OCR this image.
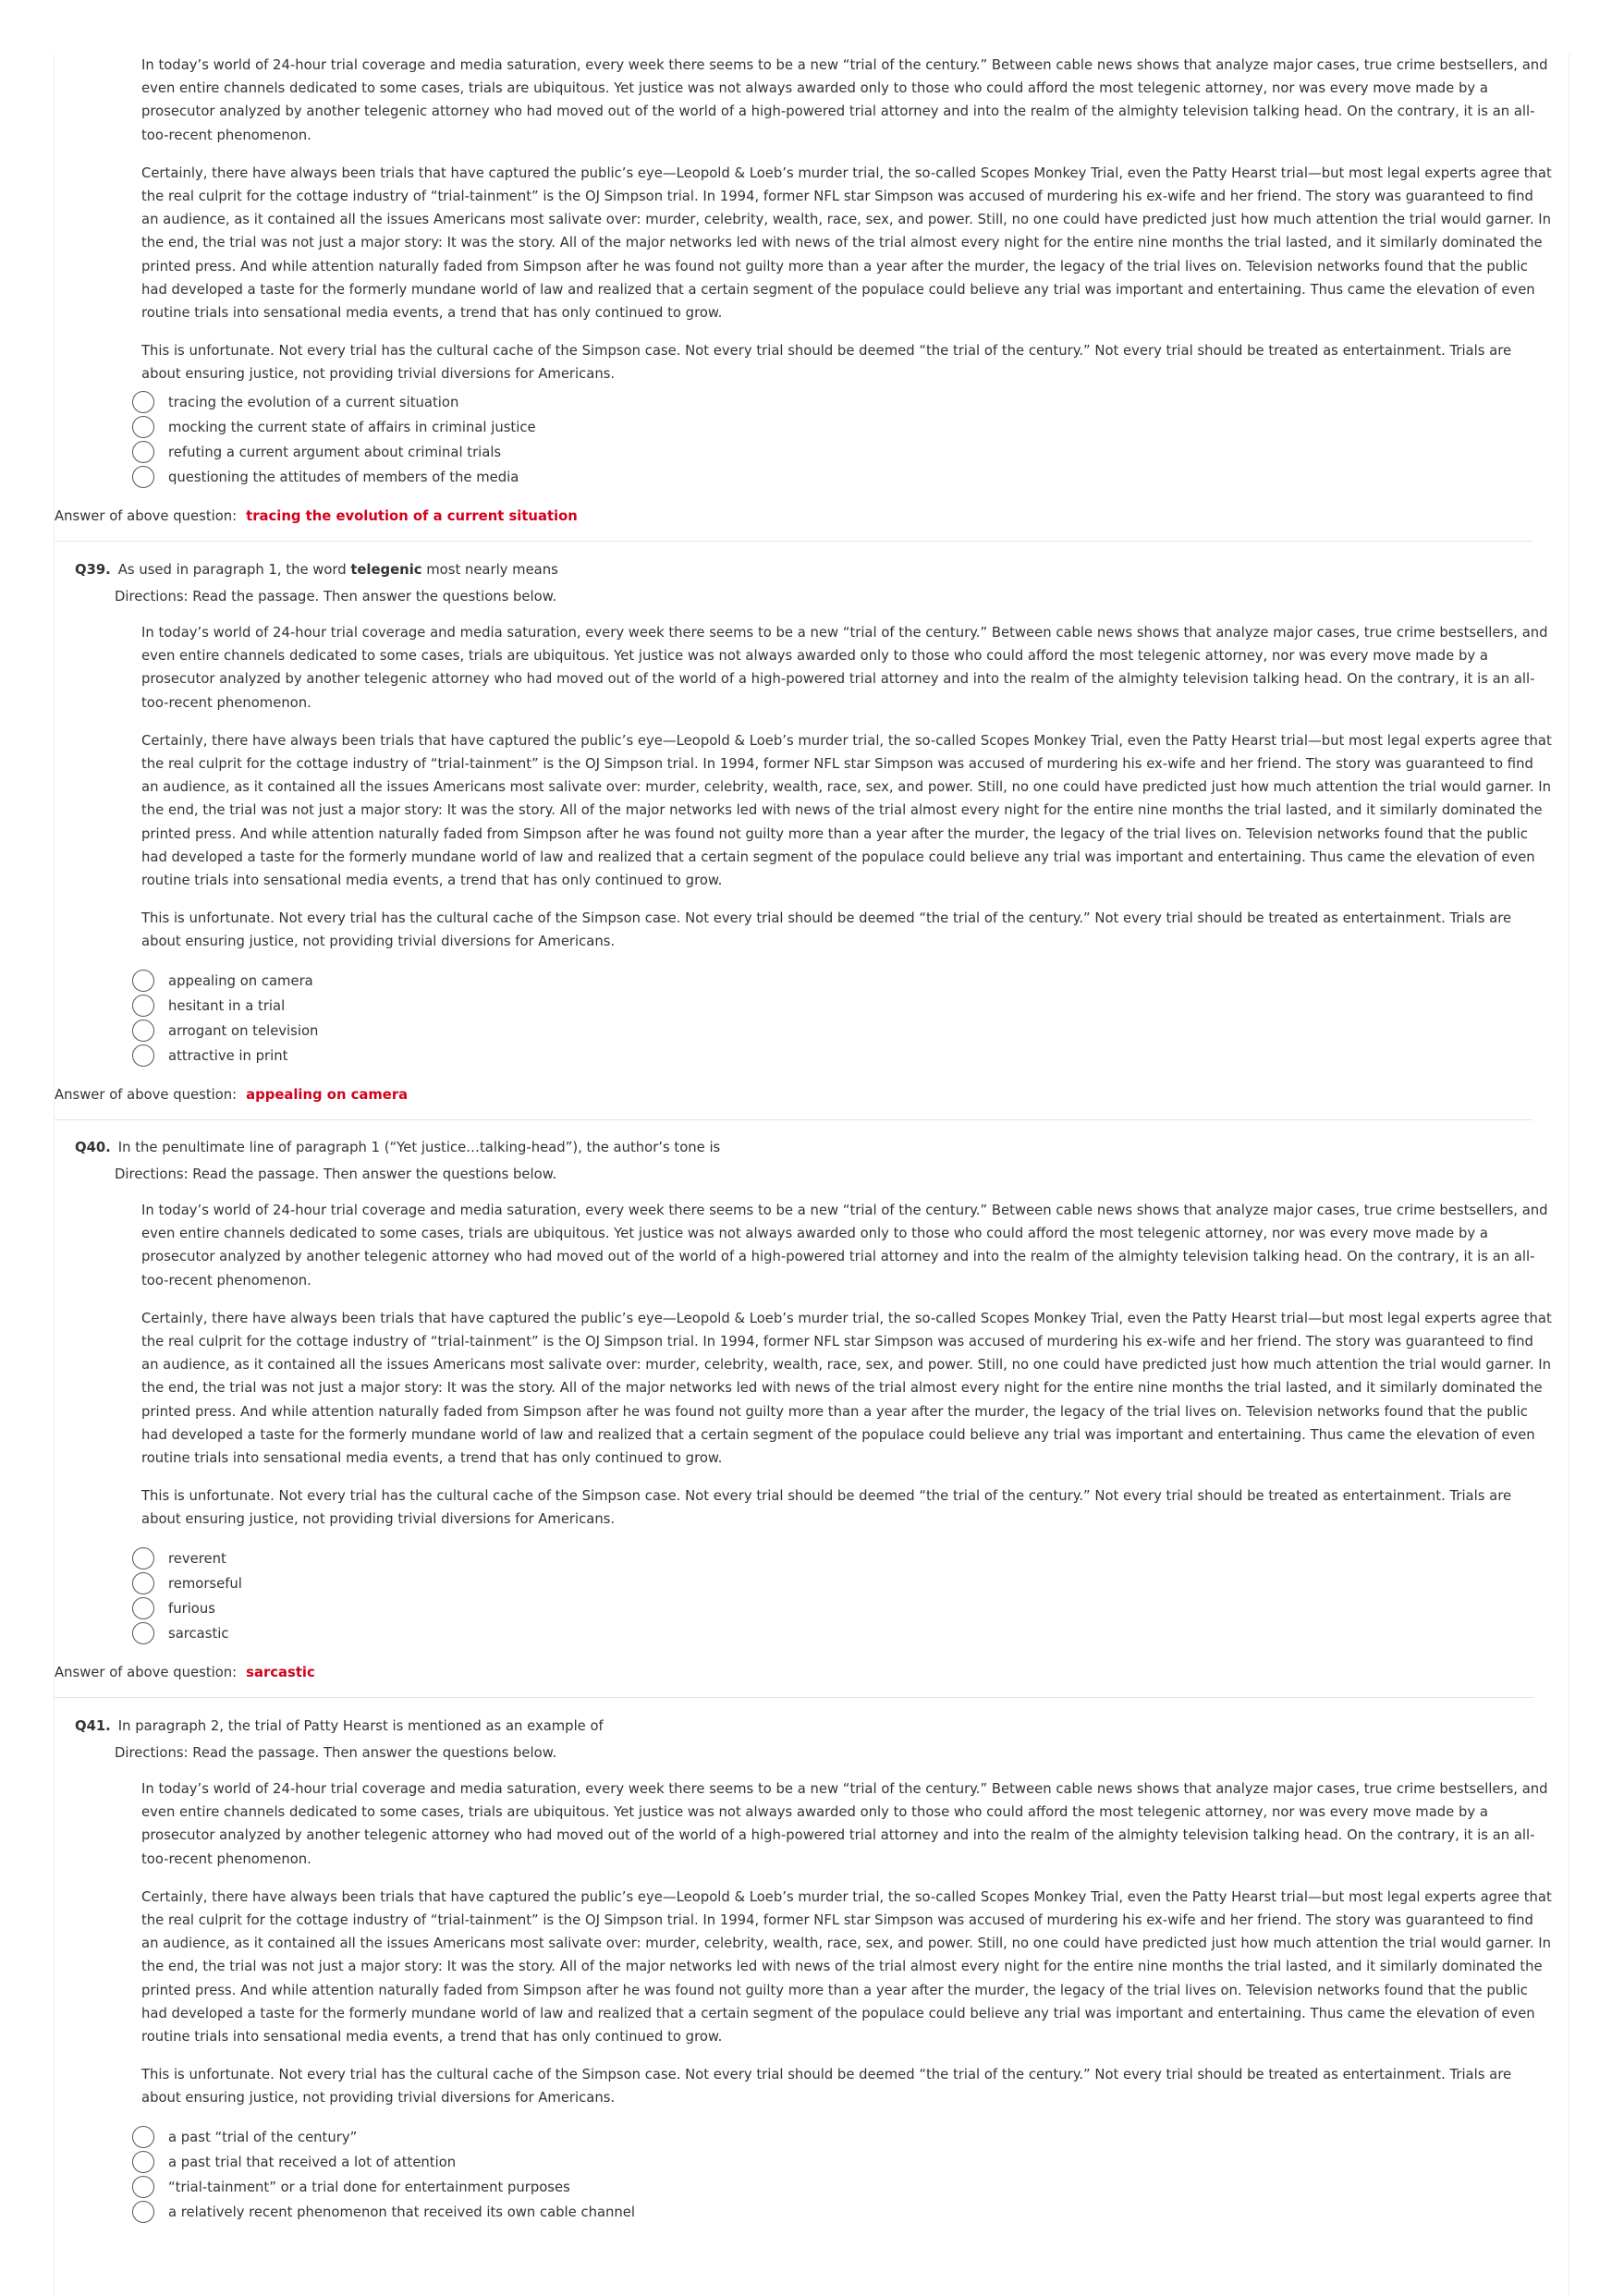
In today’s world of 24-hour trial coverage and media saturation, every week there seems to be a new “trial of the century.” Between cable news shows that analyze major cases, true crime bestsellers, and even entire channels dedicated to some cases, trials are ubiquitous. Yet justice was not always awarded only to those who could afford the most telegenic attorney, nor was every move made by a prosecutor analyzed by another telegenic attorney who had moved out of the world of a high-powered trial attorney and into the realm of the almighty television talking head. On the contrary, it is an all-too-recent phenomenon.

Certainly, there have always been trials that have captured the public’s eye—Leopold & Loeb’s murder trial, the so-called Scopes Monkey Trial, even the Patty Hearst trial—but most legal experts agree that the real culprit for the cottage industry of “trial-tainment” is the OJ Simpson trial. In 1994, former NFL star Simpson was accused of murdering his ex-wife and her friend. The story was guaranteed to find an audience, as it contained all the issues Americans most salivate over: murder, celebrity, wealth, race, sex, and power. Still, no one could have predicted just how much attention the trial would garner. In the end, the trial was not just a major story: It was the story. All of the major networks led with news of the trial almost every night for the entire nine months the trial lasted, and it similarly dominated the printed press. And while attention naturally faded from Simpson after he was found not guilty more than a year after the murder, the legacy of the trial lives on. Television networks found that the public had developed a taste for the formerly mundane world of law and realized that a certain segment of the populace could believe any trial was important and entertaining. Thus came the elevation of even routine trials into sensational media events, a trend that has only continued to grow.

This is unfortunate. Not every trial has the cultural cache of the Simpson case. Not every trial should be deemed “the trial of the century.” Not every trial should be treated as entertainment. Trials are about ensuring justice, not providing trivial diversions for Americans.

tracing the evolution of a current situation
mocking the current state of affairs in criminal justice
refuting a current argument about criminal trials
questioning the attitudes of members of the media
Answer of above question: tracing the evolution of a current situation
Q39. As used in paragraph 1, the word telegenic most nearly means
Directions: Read the passage. Then answer the questions below.

In today’s world of 24-hour trial coverage and media saturation, every week there seems to be a new “trial of the century.” Between cable news shows that analyze major cases, true crime bestsellers, and even entire channels dedicated to some cases, trials are ubiquitous. Yet justice was not always awarded only to those who could afford the most telegenic attorney, nor was every move made by a prosecutor analyzed by another telegenic attorney who had moved out of the world of a high-powered trial attorney and into the realm of the almighty television talking head. On the contrary, it is an all-too-recent phenomenon.

Certainly, there have always been trials that have captured the public’s eye—Leopold & Loeb’s murder trial, the so-called Scopes Monkey Trial, even the Patty Hearst trial—but most legal experts agree that the real culprit for the cottage industry of “trial-tainment” is the OJ Simpson trial. In 1994, former NFL star Simpson was accused of murdering his ex-wife and her friend. The story was guaranteed to find an audience, as it contained all the issues Americans most salivate over: murder, celebrity, wealth, race, sex, and power. Still, no one could have predicted just how much attention the trial would garner. In the end, the trial was not just a major story: It was the story. All of the major networks led with news of the trial almost every night for the entire nine months the trial lasted, and it similarly dominated the printed press. And while attention naturally faded from Simpson after he was found not guilty more than a year after the murder, the legacy of the trial lives on. Television networks found that the public had developed a taste for the formerly mundane world of law and realized that a certain segment of the populace could believe any trial was important and entertaining. Thus came the elevation of even routine trials into sensational media events, a trend that has only continued to grow.

This is unfortunate. Not every trial has the cultural cache of the Simpson case. Not every trial should be deemed “the trial of the century.” Not every trial should be treated as entertainment. Trials are about ensuring justice, not providing trivial diversions for Americans.

appealing on camera
hesitant in a trial
arrogant on television
attractive in print
Answer of above question: appealing on camera
Q40. In the penultimate line of paragraph 1 (“Yet justice…talking-head”), the author’s tone is
Directions: Read the passage. Then answer the questions below.

In today’s world of 24-hour trial coverage and media saturation, every week there seems to be a new “trial of the century.” Between cable news shows that analyze major cases, true crime bestsellers, and even entire channels dedicated to some cases, trials are ubiquitous. Yet justice was not always awarded only to those who could afford the most telegenic attorney, nor was every move made by a prosecutor analyzed by another telegenic attorney who had moved out of the world of a high-powered trial attorney and into the realm of the almighty television talking head. On the contrary, it is an all-too-recent phenomenon.

Certainly, there have always been trials that have captured the public’s eye—Leopold & Loeb’s murder trial, the so-called Scopes Monkey Trial, even the Patty Hearst trial—but most legal experts agree that the real culprit for the cottage industry of “trial-tainment” is the OJ Simpson trial. In 1994, former NFL star Simpson was accused of murdering his ex-wife and her friend. The story was guaranteed to find an audience, as it contained all the issues Americans most salivate over: murder, celebrity, wealth, race, sex, and power. Still, no one could have predicted just how much attention the trial would garner. In the end, the trial was not just a major story: It was the story. All of the major networks led with news of the trial almost every night for the entire nine months the trial lasted, and it similarly dominated the printed press. And while attention naturally faded from Simpson after he was found not guilty more than a year after the murder, the legacy of the trial lives on. Television networks found that the public had developed a taste for the formerly mundane world of law and realized that a certain segment of the populace could believe any trial was important and entertaining. Thus came the elevation of even routine trials into sensational media events, a trend that has only continued to grow.

This is unfortunate. Not every trial has the cultural cache of the Simpson case. Not every trial should be deemed “the trial of the century.” Not every trial should be treated as entertainment. Trials are about ensuring justice, not providing trivial diversions for Americans.

reverent
remorseful
furious
sarcastic
Answer of above question: sarcastic
Q41. In paragraph 2, the trial of Patty Hearst is mentioned as an example of
Directions: Read the passage. Then answer the questions below.

In today’s world of 24-hour trial coverage and media saturation, every week there seems to be a new “trial of the century.” Between cable news shows that analyze major cases, true crime bestsellers, and even entire channels dedicated to some cases, trials are ubiquitous. Yet justice was not always awarded only to those who could afford the most telegenic attorney, nor was every move made by a prosecutor analyzed by another telegenic attorney who had moved out of the world of a high-powered trial attorney and into the realm of the almighty television talking head. On the contrary, it is an all-too-recent phenomenon.

Certainly, there have always been trials that have captured the public’s eye—Leopold & Loeb’s murder trial, the so-called Scopes Monkey Trial, even the Patty Hearst trial—but most legal experts agree that the real culprit for the cottage industry of “trial-tainment” is the OJ Simpson trial. In 1994, former NFL star Simpson was accused of murdering his ex-wife and her friend. The story was guaranteed to find an audience, as it contained all the issues Americans most salivate over: murder, celebrity, wealth, race, sex, and power. Still, no one could have predicted just how much attention the trial would garner. In the end, the trial was not just a major story: It was the story. All of the major networks led with news of the trial almost every night for the entire nine months the trial lasted, and it similarly dominated the printed press. And while attention naturally faded from Simpson after he was found not guilty more than a year after the murder, the legacy of the trial lives on. Television networks found that the public had developed a taste for the formerly mundane world of law and realized that a certain segment of the populace could believe any trial was important and entertaining. Thus came the elevation of even routine trials into sensational media events, a trend that has only continued to grow.

This is unfortunate. Not every trial has the cultural cache of the Simpson case. Not every trial should be deemed “the trial of the century.” Not every trial should be treated as entertainment. Trials are about ensuring justice, not providing trivial diversions for Americans.

a past “trial of the century”
a past trial that received a lot of attention
“trial-tainment” or a trial done for entertainment purposes
a relatively recent phenomenon that received its own cable channel
